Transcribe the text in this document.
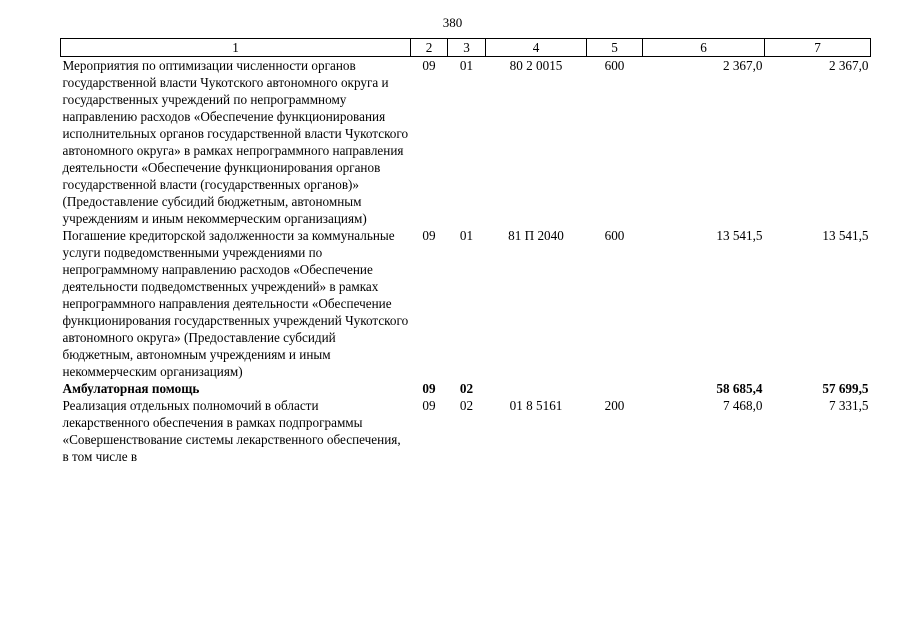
380
1	2	3	4	5	6	7
Мероприятия по оптимизации численности органов государственной власти Чукотского автономного округа и государственных учреждений по непрограммному направлению расходов «Обеспечение функционирования исполнительных органов государственной власти Чукотского автономного округа» в рамках непрограммного направления деятельности «Обеспечение функционирования органов государственной власти (государственных органов)» (Предоставление субсидий бюджетным, автономным учреждениям и иным некоммерческим организациям)	09	01	80 2 0015	600	2 367,0	2 367,0
Погашение кредиторской задолженности за коммунальные услуги подведомственными учреждениями по непрограммному направлению расходов «Обеспечение деятельности подведомственных учреждений» в рамках непрограммного направления деятельности «Обеспечение функционирования государственных учреждений Чукотского автономного округа» (Предоставление субсидий бюджетным, автономным учреждениям и иным некоммерческим организациям)	09	01	81 П 2040	600	13 541,5	13 541,5
Амбулаторная помощь	09	02			58 685,4	57 699,5
Реализация отдельных полномочий в области лекарственного обеспечения в рамках подпрограммы «Совершенствование системы лекарственного обеспечения, в том числе в	09	02	01 8 5161	200	7 468,0	7 331,5
